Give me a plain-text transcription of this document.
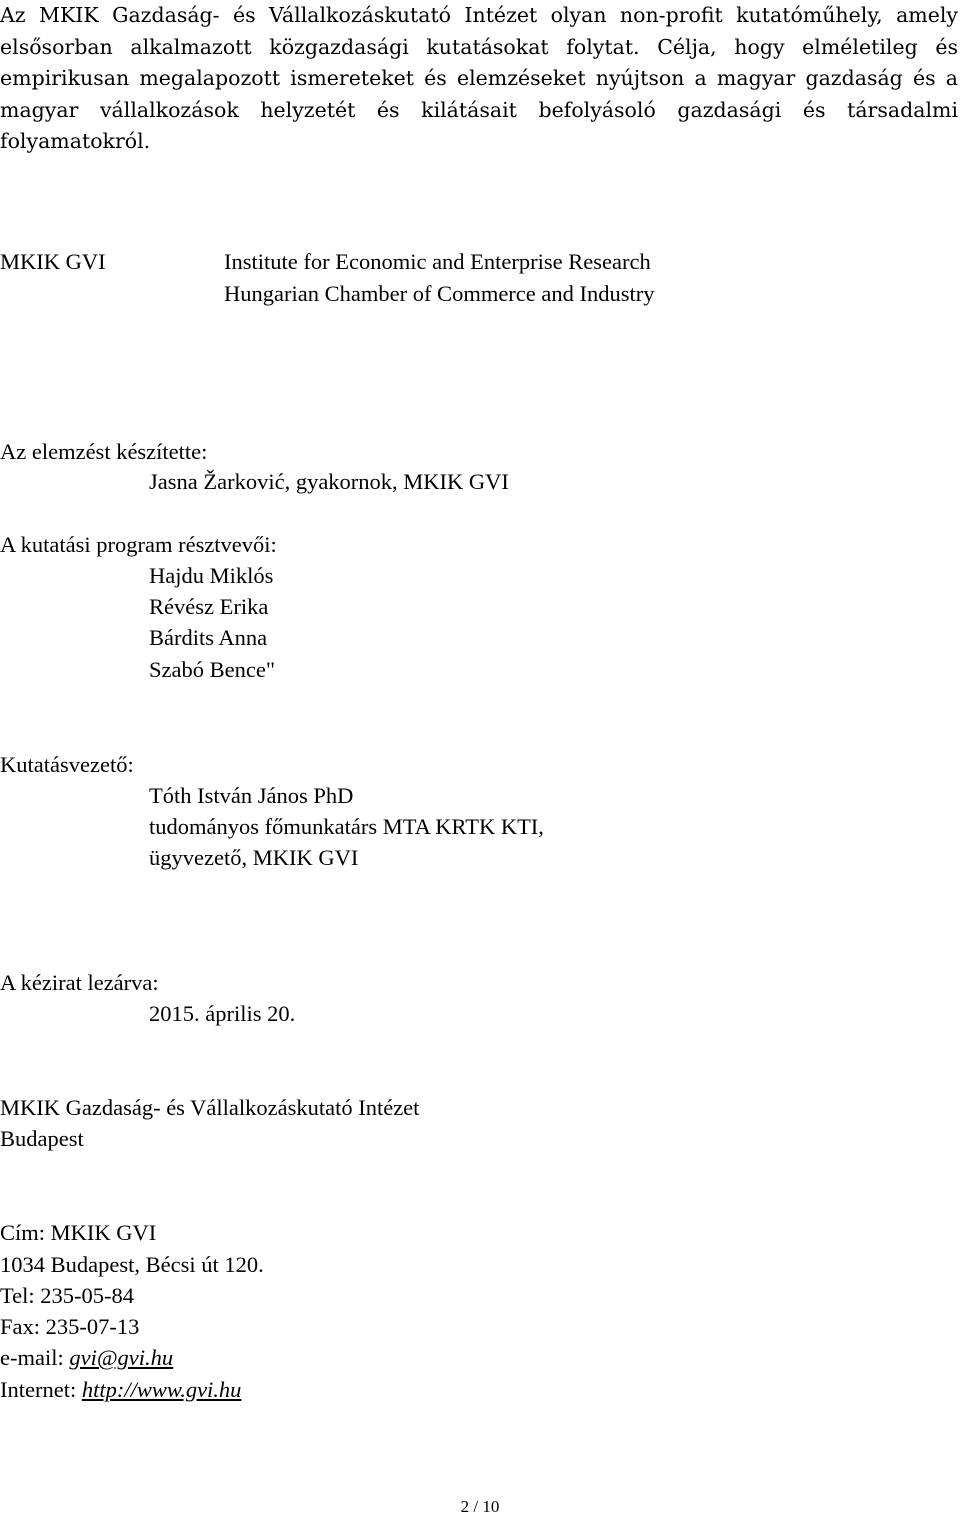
Az MKIK Gazdaság- és Vállalkozáskutató Intézet olyan non-profit kutatóműhely, amely elsősorban alkalmazott közgazdasági kutatásokat folytat. Célja, hogy elméletileg és empirikusan megalapozott ismereteket és elemzéseket nyújtson a magyar gazdaság és a magyar vállalkozások helyzetét és kilátásait befolyásoló gazdasági és társadalmi folyamatokról.

MKIK GVI	Institute for Economic and Enterprise Research
Hungarian Chamber of Commerce and Industry
Az elemzést készítette:
Jasna Žarković, gyakornok, MKIK GVI
A kutatási program résztvevői:
Hajdu Miklós
Révész Erika
Bárdits Anna
Szabó Bence"
Kutatásvezető:
Tóth István János PhD
tudományos főmunkatárs MTA KRTK KTI,
ügyvezető, MKIK GVI
A kézirat lezárva:
2015. április 20.
MKIK Gazdaság- és Vállalkozáskutató Intézet
Budapest
Cím: MKIK GVI
1034 Budapest, Bécsi út 120.
Tel: 235-05-84
Fax: 235-07-13
e-mail: gvi@gvi.hu
Internet: http://www.gvi.hu
2 / 10
